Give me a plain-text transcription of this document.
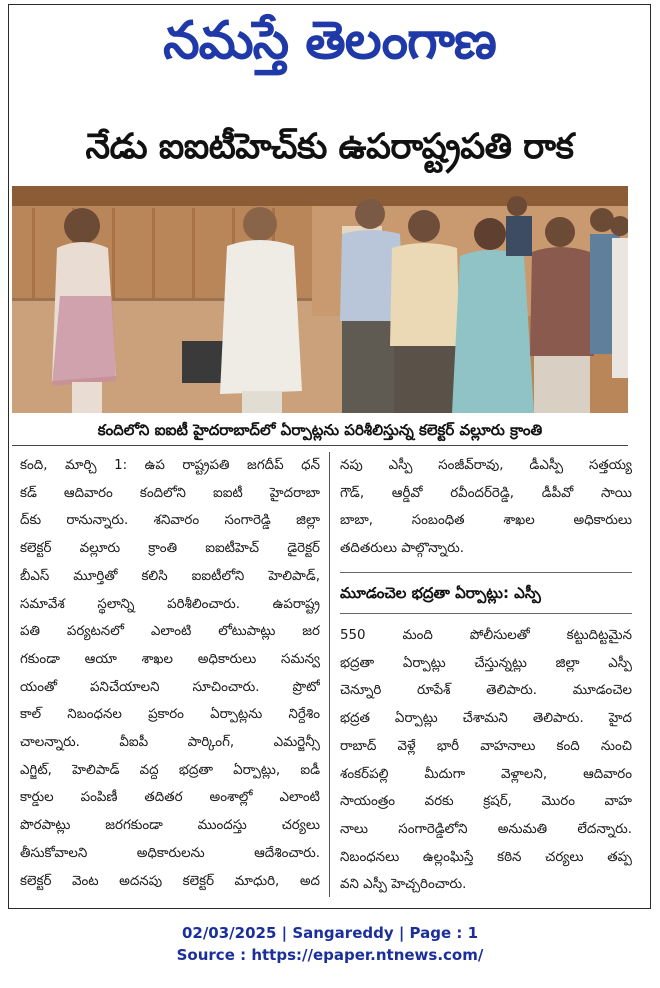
నమస్తే తెలంగాణ
నేడు ఐఐటీహెచ్‌కు ఉపరాష్ట్రపతి రాక
కందిలోని ఐఐటీ హైదరాబాద్‌లో ఏర్పాట్లను పరిశీలిస్తున్న కలెక్టర్ వల్లూరు క్రాంతి
కంది, మార్చి 1: ఉప రాష్ట్రపతి జగదీప్ ధన్
కడ్ ఆదివారం కందిలోని ఐఐటీ హైదరాబా
ద్‌కు రానున్నారు. శనివారం సంగారెడ్డి జిల్లా
కలెక్టర్ వల్లూరు క్రాంతి ఐఐటీహెచ్ డైరెక్టర్
బీఎస్ మూర్తితో కలిసి ఐఐటీలోని హెలిపాడ్,
సమావేశ స్థలాన్ని పరిశీలించారు. ఉపరాష్ట్ర
పతి పర్యటనలో ఎలాంటి లోటుపాట్లు జర
గకుండా ఆయా శాఖల అధికారులు సమన్వ
యంతో పనిచేయాలని సూచించారు. ప్రొటో
కాల్ నిబంధనల ప్రకారం ఏర్పాట్లను నిర్దేశిం
చాలన్నారు. వీఐపీ పార్కింగ్, ఎమర్జెన్సీ
ఎగ్జిట్, హెలిపాడ్ వద్ద భద్రతా ఏర్పాట్లు, ఐడీ
కార్డుల పంపిణీ తదితర అంశాల్లో ఎలాంటి
పొరపాట్లు జరగకుండా ముందస్తు చర్యలు
తీసుకోవాలని అధికారులను ఆదేశించారు.
కలెక్టర్ వెంట అదనపు కలెక్టర్ మాధురి, అద
నపు ఎస్పీ సంజీవ్‌రావు, డీఎస్పీ సత్తయ్య
గౌడ్, ఆర్డీవో రవీందర్‌రెడ్డి, డీపీవో సాయి
బాబా, సంబంధిత శాఖల అధికారులు
తదితరులు పాల్గొన్నారు.
మూడంచెల భద్రతా ఏర్పాట్లు: ఎస్పీ
550 మంది పోలీసులతో కట్టుదిట్టమైన
భద్రతా ఏర్పాట్లు చేస్తున్నట్లు జిల్లా ఎస్పీ
చెన్నూరి రూపేశ్ తెలిపారు. మూడంచెల
భద్రత ఏర్పాట్లు చేశామని తెలిపారు. హైద
రాబాద్ వెళ్లే భారీ వాహనాలు కంది నుంచి
శంకర్‌పల్లి మీదుగా వెళ్లాలని, ఆదివారం
సాయంత్రం వరకు క్రషర్, మొరం వాహ
నాలు సంగారెడ్డిలోని అనుమతి లేదన్నారు.
నిబంధనలు ఉల్లంఘిస్తే కఠిన చర్యలు తప్ప
వని ఎస్పీ హెచ్చరించారు.
02/03/2025 | Sangareddy | Page : 1
Source : https://epaper.ntnews.com/
